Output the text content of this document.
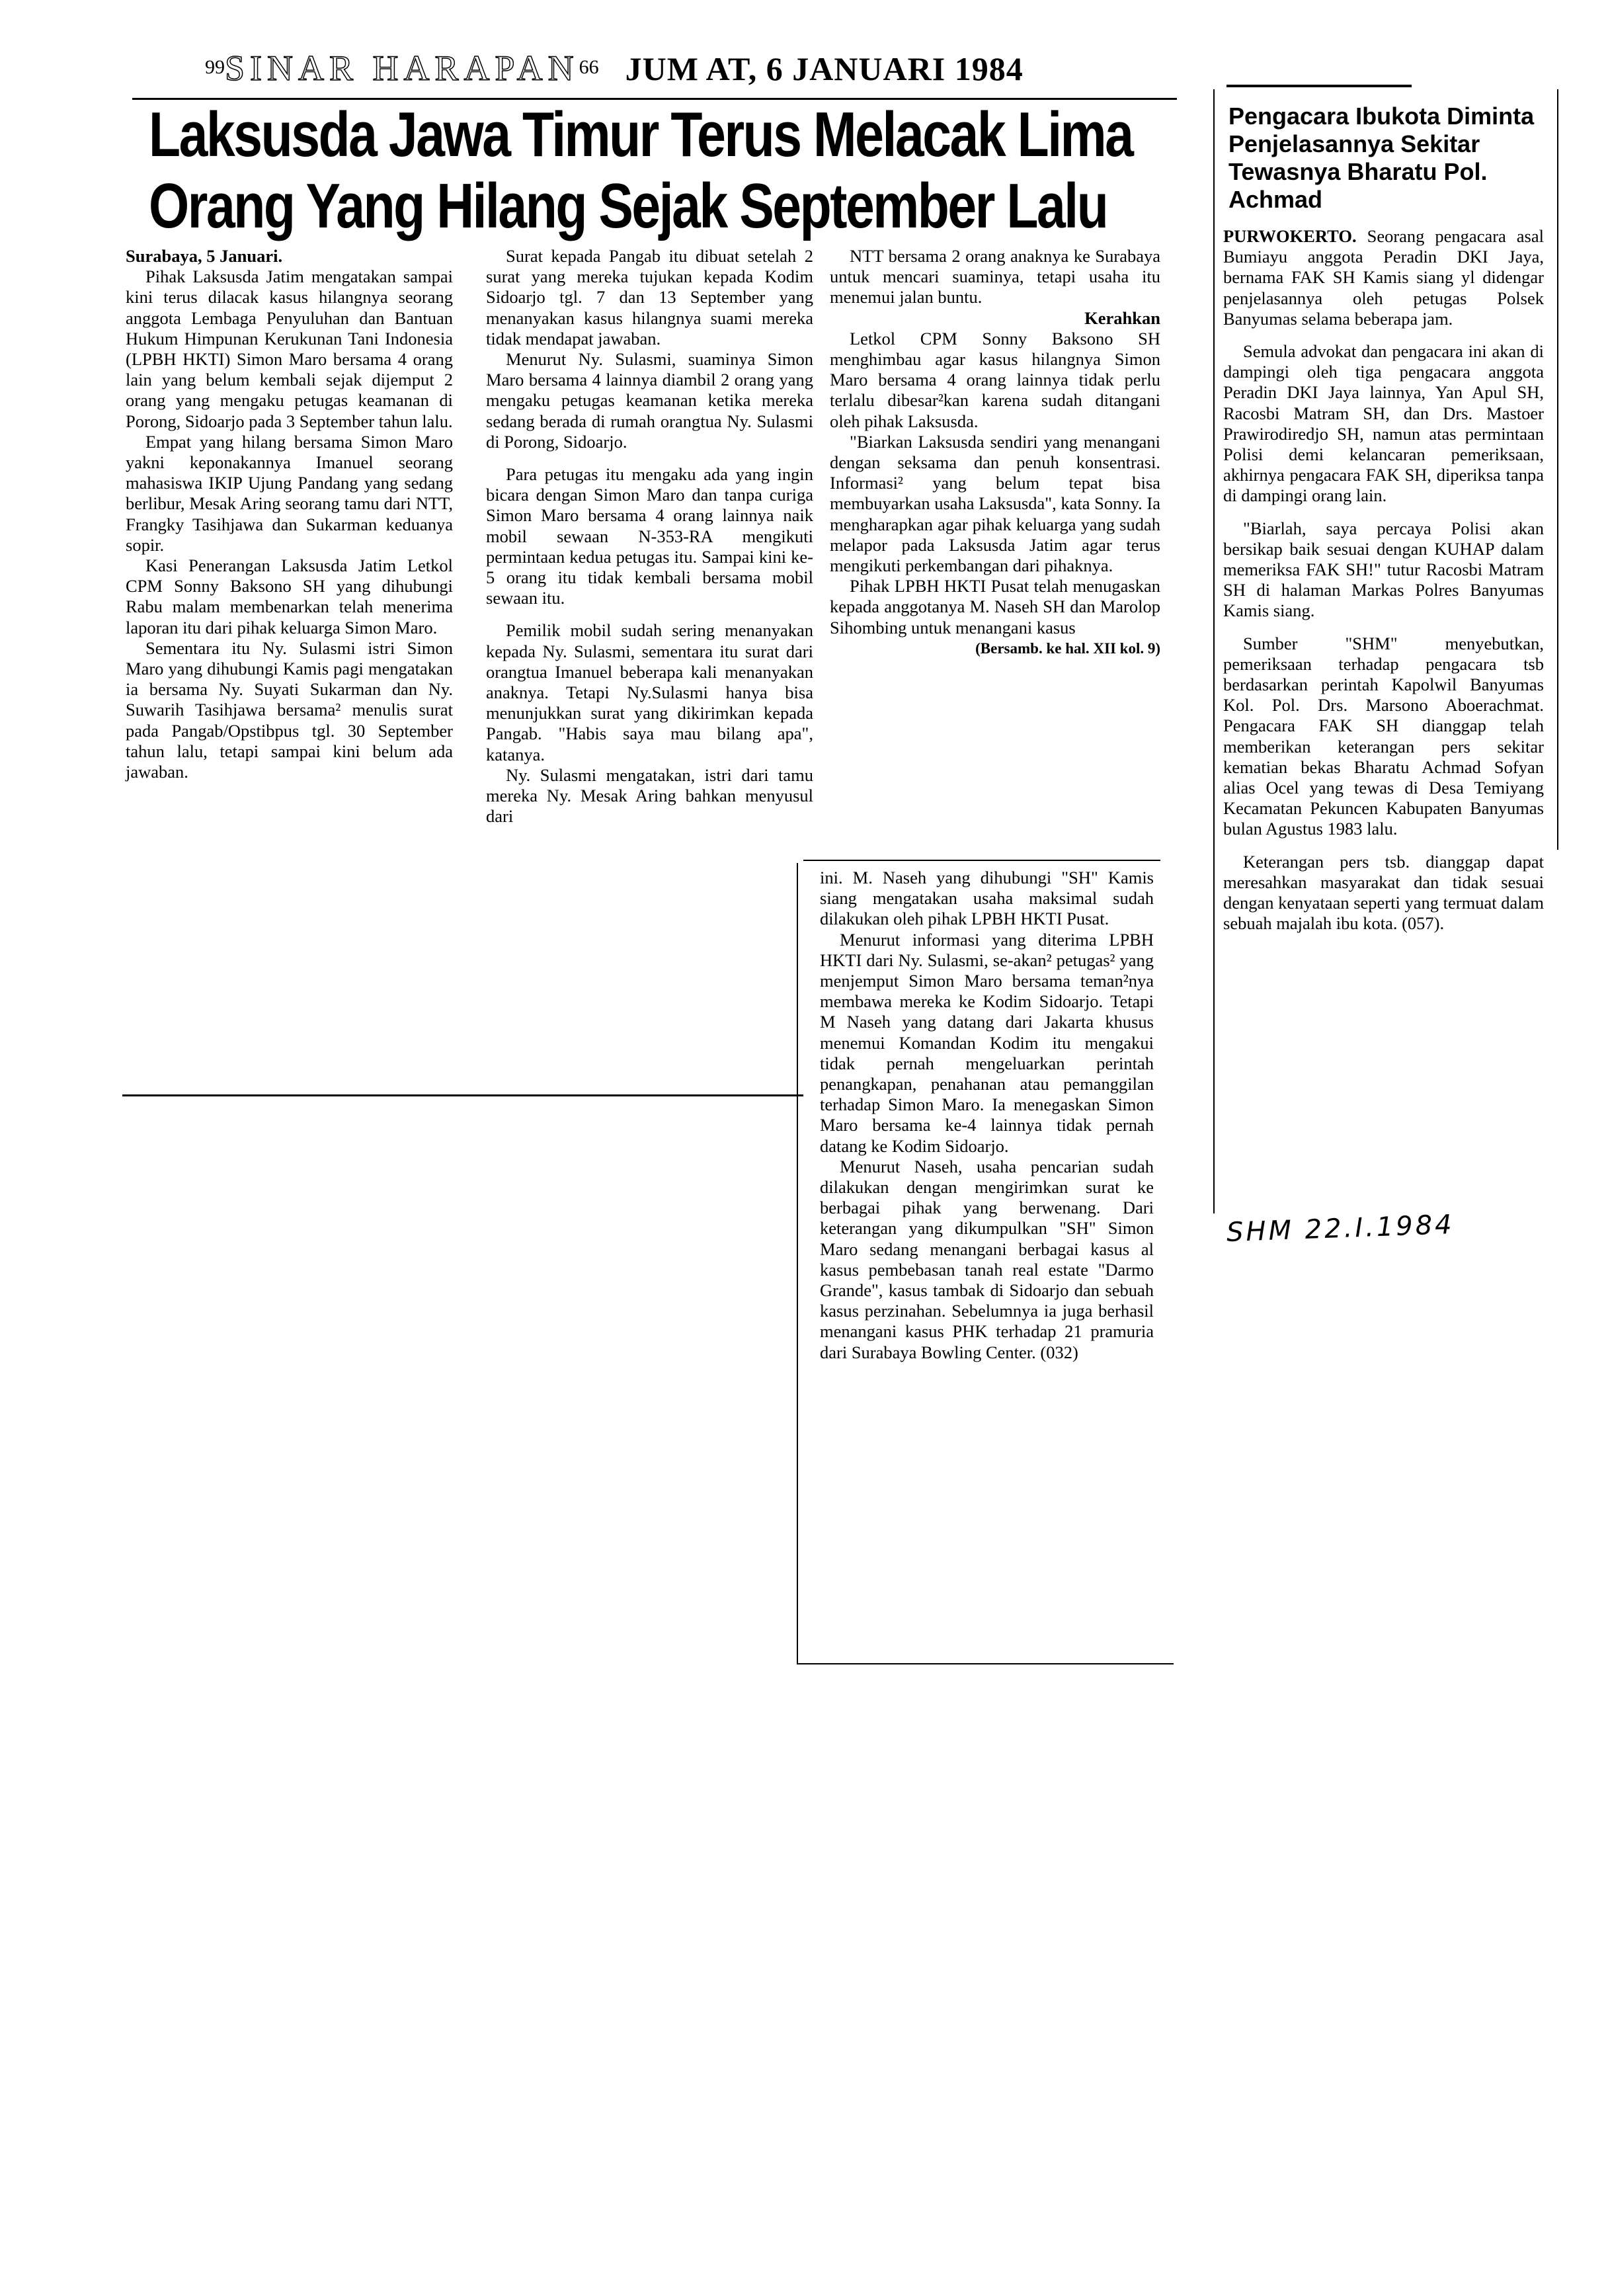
99 SINAR HARAPAN 66 JUM AT, 6 JANUARI 1984
Laksusda Jawa Timur Terus Melacak Lima
Orang Yang Hilang Sejak September Lalu

Surabaya, 5 Januari.

Pihak Laksusda Jatim mengatakan sampai kini terus dilacak kasus hilangnya seorang anggota Lembaga Penyuluhan dan Bantuan Hukum Himpunan Kerukunan Tani Indonesia (LPBH HKTI) Simon Maro bersama 4 orang lain yang belum kembali sejak dijemput 2 orang yang mengaku petugas keamanan di Porong, Sidoarjo pada 3 September tahun lalu.

Empat yang hilang bersama Simon Maro yakni keponakannya Imanuel seorang mahasiswa IKIP Ujung Pandang yang sedang berlibur, Mesak Aring seorang tamu dari NTT, Frangky Tasihjawa dan Sukarman keduanya sopir.

Kasi Penerangan Laksusda Jatim Letkol CPM Sonny Baksono SH yang dihubungi Rabu malam membenarkan telah menerima laporan itu dari pihak keluarga Simon Maro.

Sementara itu Ny. Sulasmi istri Simon Maro yang dihubungi Kamis pagi mengatakan ia bersama Ny. Suyati Sukarman dan Ny. Suwarih Tasihjawa bersama² menulis surat pada Pangab/Opstibpus tgl. 30 September tahun lalu, tetapi sampai kini belum ada jawaban.

Surat kepada Pangab itu dibuat setelah 2 surat yang mereka tujukan kepada Kodim Sidoarjo tgl. 7 dan 13 September yang menanyakan kasus hilangnya suami mereka tidak mendapat jawaban.

Menurut Ny. Sulasmi, suaminya Simon Maro bersama 4 lainnya diambil 2 orang yang mengaku petugas keamanan ketika mereka sedang berada di rumah orangtua Ny. Sulasmi di Porong, Sidoarjo.

Para petugas itu mengaku ada yang ingin bicara dengan Simon Maro dan tanpa curiga Simon Maro bersama 4 orang lainnya naik mobil sewaan N-353-RA mengikuti permintaan kedua petugas itu. Sampai kini ke-5 orang itu tidak kembali bersama mobil sewaan itu.

Pemilik mobil sudah sering menanyakan kepada Ny. Sulasmi, sementara itu surat dari orangtua Imanuel beberapa kali menanyakan anaknya. Tetapi Ny.Sulasmi hanya bisa menunjukkan surat yang dikirimkan kepada Pangab. "Habis saya mau bilang apa", katanya.

Ny. Sulasmi mengatakan, istri dari tamu mereka Ny. Mesak Aring bahkan menyusul dari

NTT bersama 2 orang anaknya ke Surabaya untuk mencari suaminya, tetapi usaha itu menemui jalan buntu.

Kerahkan

Letkol CPM Sonny Baksono SH menghimbau agar kasus hilangnya Simon Maro bersama 4 orang lainnya tidak perlu terlalu dibesar²kan karena sudah ditangani oleh pihak Laksusda.

"Biarkan Laksusda sendiri yang menangani dengan seksama dan penuh konsentrasi. Informasi² yang belum tepat bisa membuyarkan usaha Laksusda", kata Sonny. Ia mengharapkan agar pihak keluarga yang sudah melapor pada Laksusda Jatim agar terus mengikuti perkembangan dari pihaknya.

Pihak LPBH HKTI Pusat telah menugaskan kepada anggotanya M. Naseh SH dan Marolop Sihombing untuk menangani kasus

(Bersamb. ke hal. XII kol. 9)

ini. M. Naseh yang dihubungi "SH" Kamis siang mengatakan usaha maksimal sudah dilakukan oleh pihak LPBH HKTI Pusat.

Menurut informasi yang diterima LPBH HKTI dari Ny. Sulasmi, se-akan² petugas² yang menjemput Simon Maro bersama teman²nya membawa mereka ke Kodim Sidoarjo. Tetapi M Naseh yang datang dari Jakarta khusus menemui Komandan Kodim itu mengakui tidak pernah mengeluarkan perintah penangkapan, penahanan atau pemanggilan terhadap Simon Maro. Ia menegaskan Simon Maro bersama ke-4 lainnya tidak pernah datang ke Kodim Sidoarjo.

Menurut Naseh, usaha pencarian sudah dilakukan dengan mengirimkan surat ke berbagai pihak yang berwenang. Dari keterangan yang dikumpulkan "SH" Simon Maro sedang menangani berbagai kasus al kasus pembebasan tanah real estate "Darmo Grande", kasus tambak di Sidoarjo dan sebuah kasus perzinahan. Sebelumnya ia juga berhasil menangani kasus PHK terhadap 21 pramuria dari Surabaya Bowling Center. (032)

Pengacara Ibukota Diminta Penjelasannya Sekitar Tewasnya Bharatu Pol. Achmad

PURWOKERTO. Seorang pengacara asal Bumiayu anggota Peradin DKI Jaya, bernama FAK SH Kamis siang yl didengar penjelasannya oleh petugas Polsek Banyumas selama beberapa jam.

Semula advokat dan pengacara ini akan di dampingi oleh tiga pengacara anggota Peradin DKI Jaya lainnya, Yan Apul SH, Racosbi Matram SH, dan Drs. Mastoer Prawirodiredjo SH, namun atas permintaan Polisi demi kelancaran pemeriksaan, akhirnya pengacara FAK SH, diperiksa tanpa di dampingi orang lain.

"Biarlah, saya percaya Polisi akan bersikap baik sesuai dengan KUHAP dalam memeriksa FAK SH!" tutur Racosbi Matram SH di halaman Markas Polres Banyumas Kamis siang.

Sumber "SHM" menyebutkan, pemeriksaan terhadap pengacara tsb berdasarkan perintah Kapolwil Banyumas Kol. Pol. Drs. Marsono Aboerachmat. Pengacara FAK SH dianggap telah memberikan keterangan pers sekitar kematian bekas Bharatu Achmad Sofyan alias Ocel yang tewas di Desa Temiyang Kecamatan Pekuncen Kabupaten Banyumas bulan Agustus 1983 lalu.

Keterangan pers tsb. dianggap dapat meresahkan masyarakat dan tidak sesuai dengan kenyataan seperti yang termuat dalam sebuah majalah ibu kota. (057).

SHM 22.I.1984
